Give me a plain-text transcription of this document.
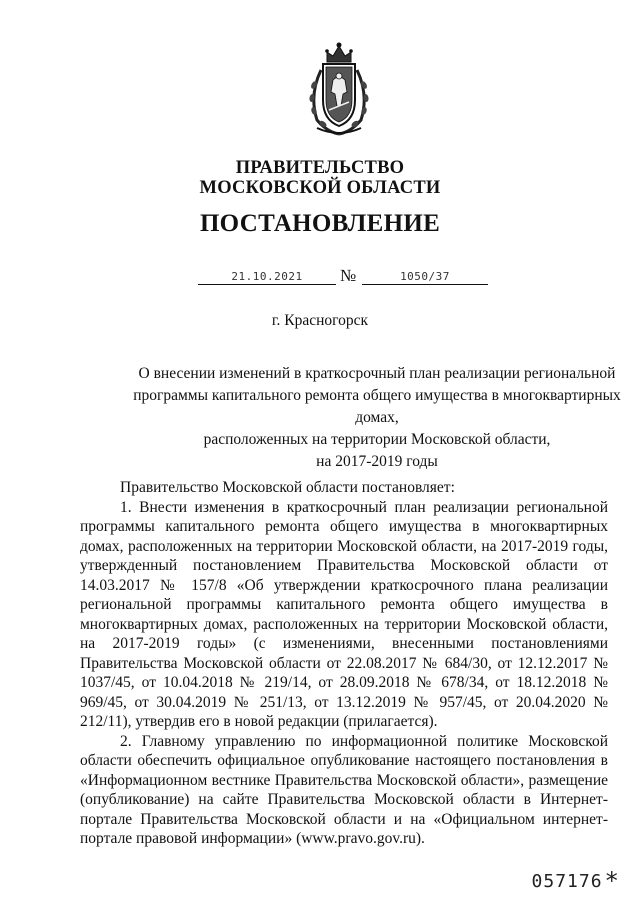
ПРАВИТЕЛЬСТВО
МОСКОВСКОЙ ОБЛАСТИ
ПОСТАНОВЛЕНИЕ
21.10.2021	№	1050/37
г. Красногорск
О внесении изменений в краткосрочный план реализации региональной
программы капитального ремонта общего имущества в многоквартирных домах,
расположенных на территории Московской области,
на 2017-2019 годы

Правительство Московской области постановляет:

1. Внести изменения в краткосрочный план реализации региональной программы капитального ремонта общего имущества в многоквартирных домах, расположенных на территории Московской области, на 2017-2019 годы, утвержденный постановлением Правительства Московской области от 14.03.2017 № 157/8 «Об утверждении краткосрочного плана реализации региональной программы капитального ремонта общего имущества в многоквартирных домах, расположенных на территории Московской области, на 2017-2019 годы» (с изменениями, внесенными постановлениями Правительства Московской области от 22.08.2017 № 684/30, от 12.12.2017 № 1037/45, от 10.04.2018 № 219/14, от 28.09.2018 № 678/34, от 18.12.2018 № 969/45, от 30.04.2019 № 251/13, от 13.12.2019 № 957/45, от 20.04.2020 № 212/11), утвердив его в новой редакции (прилагается).

2. Главному управлению по информационной политике Московской области обеспечить официальное опубликование настоящего постановления в «Информационном вестнике Правительства Московской области», размещение (опубликование) на сайте Правительства Московской области в Интернет-портале Правительства Московской области и на «Официальном интернет-портале правовой информации» (www.pravo.gov.ru).

057176*
